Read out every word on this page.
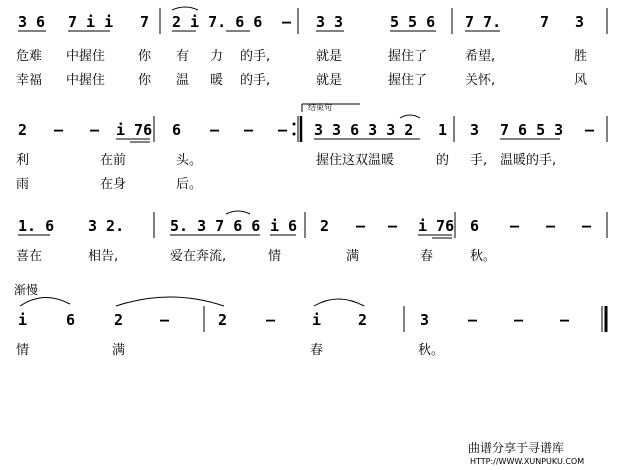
3 6 7 i i 7 2 i 7. 6 6 – 3 3	5 5 6 7 7.	7 3
危难 中握住	你 有 力 的手,	就是	握住了	希望,	胜
幸福 中握住	你 温 暖 的手,	就是	握住了	关怀,	风
结束句
2 – – i 76 6 – – – 3 3 6 3 3 2 1 3 7 6 5 3 –
利	在前	头。	握住这双温暖	的 手, 温暖的手,
雨	在身	后。
1. 6 3 2.	5. 3 7 6 6 i 6 2 – – i 76 6 – – –
喜在	相告,	爱在奔流,	情	满	春	秋。
渐慢
i	6	2 –	2	– i 2	3	– – –
情	满	春	秋。
曲谱分享于寻谱库
HTTP://WWW.XUNPUKU.COM
